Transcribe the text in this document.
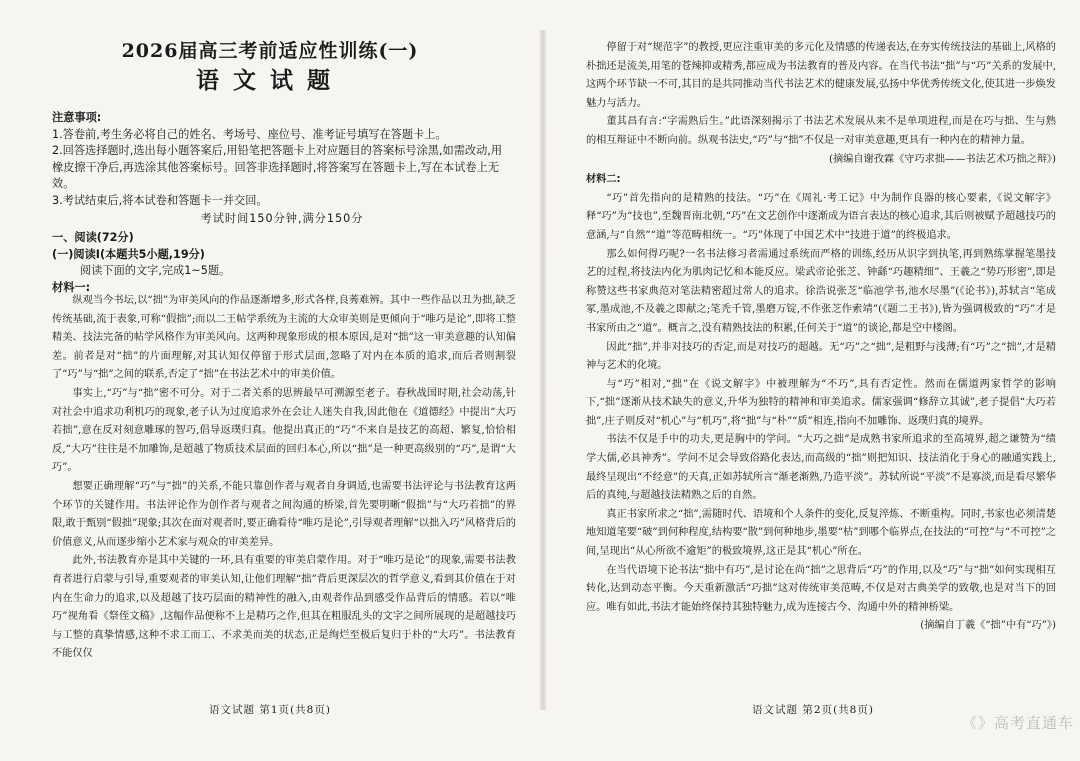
2026届高三考前适应性训练(一)
语文试题
注意事项:
1.答卷前,考生务必将自己的姓名、考场号、座位号、准考证号填写在答题卡上。
2.回答选择题时,选出每小题答案后,用铅笔把答题卡上对应题目的答案标号涂黑,如需改动,用橡皮擦干净后,再选涂其他答案标号。回答非选择题时,将答案写在答题卡上,写在本试卷上无效。
3.考试结束后,将本试卷和答题卡一并交回。
考试时间150分钟,满分150分
一、阅读(72分)
(一)阅读Ⅰ(本题共5小题,19分)
阅读下面的文字,完成1~5题。
材料一:

纵观当今书坛,以“拙”为审美风向的作品逐渐增多,形式各样,良莠难辨。其中一些作品以丑为拙,缺乏传统基础,流于表象,可称“假拙”;而以二王帖学系统为主流的大众审美则是更倾向于“唯巧是论”,即将工整精美、技法完备的帖学风格作为审美风向。这两种现象形成的根本原因,是对“拙”这一审美意趣的认知偏差。前者是对“拙”的片面理解,对其认知仅停留于形式层面,忽略了对内在本质的追求,而后者则割裂了“巧”与“拙”之间的联系,否定了“拙”在书法艺术中的审美价值。

事实上,“巧”与“拙”密不可分。对于二者关系的思辨最早可溯源至老子。春秋战国时期,社会动荡,针对社会中追求功利机巧的现象,老子认为过度追求外在会让人迷失自我,因此他在《道德经》中提出“大巧若拙”,意在反对刻意雕琢的智巧,倡导返璞归真。他提出真正的“巧”不来自是技艺的高超、繁复,恰恰相反,“大巧”往往是不加雕饰,是超越了物质技术层面的回归本心,所以“拙”是一种更高级别的“巧”,是谓“大巧”。

想要正确理解“巧”与“拙”的关系,不能只靠创作者与观者自身调适,也需要书法评论与书法教育这两个环节的关键作用。书法评论作为创作者与观者之间沟通的桥梁,首先要明晰“假拙”与“大巧若拙”的界限,敢于甄别“假拙”现象;其次在面对观者时,要正确看待“唯巧是论”,引导观者理解“以拙入巧”风格背后的价值意义,从而逐步缩小艺术家与观众的审美差异。

此外,书法教育亦是其中关键的一环,具有重要的审美启蒙作用。对于“唯巧是论”的现象,需要书法教育者进行启蒙与引导,重要观者的审美认知,让他们理解“拙”背后更深层次的哲学意义,看到其价值在于对内在生命力的追求,以及超越了技巧层面的精神性的融入,由观者作品到感受作品背后的情感。若以“唯巧”视角看《祭侄文稿》,这幅作品便称不上是精巧之作,但其在粗服乱头的文字之间所展现的是超越技巧与工整的真挚情感,这种不求工而工、不求美而美的状态,正是绚烂至极后复归于朴的“大巧”。书法教育不能仅仅

语文试题 第1页(共8页)

停留于对“规范字”的教授,更应注重审美的多元化及情感的传递表达,在夯实传统技法的基础上,风格的朴拙还是流美,用笔的苍辣抑或精秀,都应成为书法教育的普及内容。在当代书法“拙”与“巧”关系的发展中,这两个环节缺一不可,其目的是共同推动当代书法艺术的健康发展,弘扬中华优秀传统文化,使其进一步焕发魅力与活力。

董其昌有言:“字需熟后生。”此语深刻揭示了书法艺术发展从来不是单项进程,而是在巧与拙、生与熟的相互辩证中不断向前。纵观书法史,“巧”与“拙”不仅是一对审美意趣,更具有一种内在的精神力量。

(摘编自谢孜霖《守巧求拙——书法艺术巧拙之辩》)

材料二:

“巧”首先指向的是精熟的技法。“巧”在《周礼·考工记》中为制作良器的核心要素,《说文解字》释“巧”为“技也”,至魏晋南北朝,“巧”在文艺创作中逐渐成为语言表达的核心追求,其后则被赋予超越技巧的意涵,与“自然”“道”等范畴相统一。“巧”体现了中国艺术中“技进于道”的终极追求。

那么如何得巧呢?一名书法修习者需通过系统而严格的训练,经历从识字到执笔,再到熟练掌握笔墨技艺的过程,将技法内化为肌肉记忆和本能反应。梁武帝论张芝、钟繇“巧趣精细”、王羲之“势巧形密”,即是称赞这些书家典范对笔法精密超过常人的追求。徐浩说张芝“临池学书,池水尽墨”(《论书》),苏轼言“笔成冢,墨成池,不及羲之即献之;笔秃千管,墨磨万锭,不作张芝作索靖”(《题二王书》),皆为强调极致的“巧”才是书家所由之“道”。概言之,没有精熟技法的积累,任何关于“道”的谈论,都是空中楼阁。

因此“拙”,并非对技巧的否定,而是对技巧的超越。无“巧”之“拙”,是粗野与浅薄;有“巧”之“拙”,才是精神与艺术的化境。

与“巧”相对,“拙”在《说文解字》中被理解为“不巧”,具有否定性。然而在儒道两家哲学的影响下,“拙”逐渐从技术缺失的意义,升华为独特的精神和审美追求。儒家强调“修辞立其诚”,老子提倡“大巧若拙”,庄子则反对“机心”与“机巧”,将“拙”与“朴”“质”相连,指向不加雕饰、返璞归真的境界。

书法不仅是手中的功夫,更是胸中的学问。“大巧之拙”是成熟书家所追求的至高境界,超之谦赞为“绩学大儒,必具神秀”。学问不足会导致俗路化表达,而高级的“拙”则把知识、技法消化于身心的融通实践上,最终呈现出“不经意”的天真,正如苏轼所言“渐老渐熟,乃造平淡”。苏轼所说“平淡”不是寡淡,而是看尽繁华后的真纯,与超越技法精熟之后的自然。

真正书家所求之“拙”,需随时代、语境和个人条件的变化,反复淬炼、不断重构。同时,书家也必须清楚地知道笔要“破”到何种程度,结构要“散”到何种地步,墨要“枯”到哪个临界点,在技法的“可控”与“不可控”之间,呈现出“从心所欲不逾矩”的极致境界,这正是其“机心”所在。

在当代语境下论书法“拙中有巧”,是讨论在尚“拙”之思背后“巧”的作用,以及“巧”与“拙”如何实现相互转化,达到动态平衡。今天重新激活“巧拙”这对传统审美范畴,不仅是对古典美学的致敬,也是对当下的回应。唯有如此,书法才能始终保持其独特魅力,成为连接古今、沟通中外的精神桥梁。

(摘编自丁羲《“拙”中有“巧”》)

语文试题 第2页(共8页)
《》高考直通车
